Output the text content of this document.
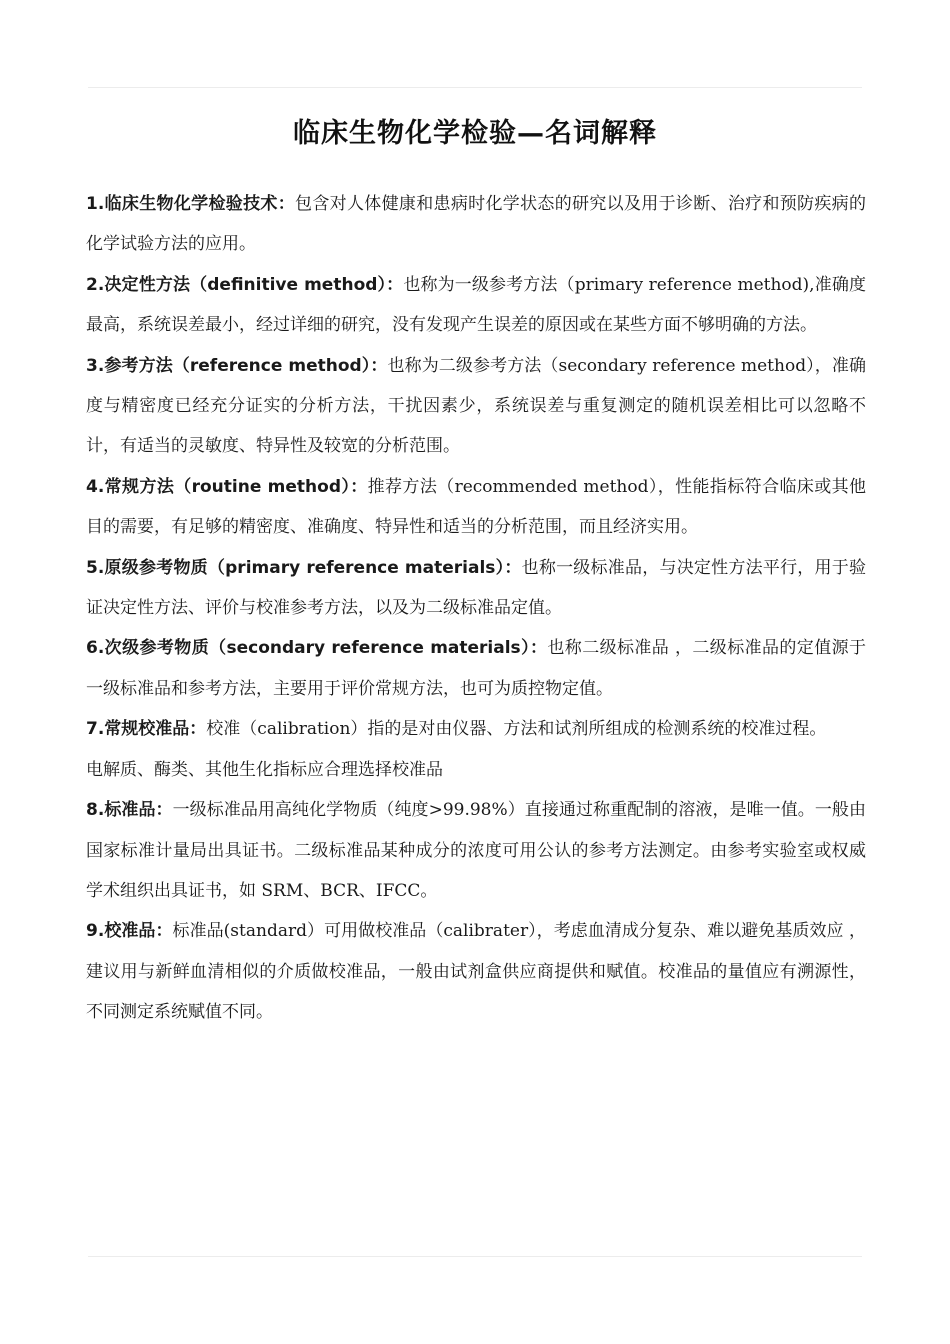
临床生物化学检验—名词解释

1.临床生物化学检验技术：包含对人体健康和患病时化学状态的研究以及用于诊断、治疗和预防疾病的化学试验方法的应用。

2.决定性方法（definitive method）：也称为一级参考方法（primary reference method),准确度最高，系统误差最小，经过详细的研究，没有发现产生误差的原因或在某些方面不够明确的方法。

3.参考方法（reference method）：也称为二级参考方法（secondary reference method），准确度与精密度已经充分证实的分析方法，干扰因素少，系统误差与重复测定的随机误差相比可以忽略不计，有适当的灵敏度、特异性及较宽的分析范围。

4.常规方法（routine method）：推荐方法（recommended method），性能指标符合临床或其他目的需要，有足够的精密度、准确度、特异性和适当的分析范围，而且经济实用。

5.原级参考物质（primary reference materials）：也称一级标准品，与决定性方法平行，用于验证决定性方法、评价与校准参考方法，以及为二级标准品定值。

6.次级参考物质（secondary reference materials）：也称二级标准品 ，二级标准品的定值源于一级标准品和参考方法，主要用于评价常规方法，也可为质控物定值。

7.常规校准品：校准（calibration）指的是对由仪器、方法和试剂所组成的检测系统的校准过程。

电解质、酶类、其他生化指标应合理选择校准品

8.标准品：一级标准品用高纯化学物质（纯度>99.98%）直接通过称重配制的溶液，是唯一值。一般由国家标准计量局出具证书。二级标准品某种成分的浓度可用公认的参考方法测定。由参考实验室或权威学术组织出具证书，如 SRM、BCR、IFCC。

9.校准品：标准品(standard）可用做校准品（calibrater），考虑血清成分复杂、难以避免基质效应 ，建议用与新鲜血清相似的介质做校准品，一般由试剂盒供应商提供和赋值。校准品的量值应有溯源性，不同测定系统赋值不同。
